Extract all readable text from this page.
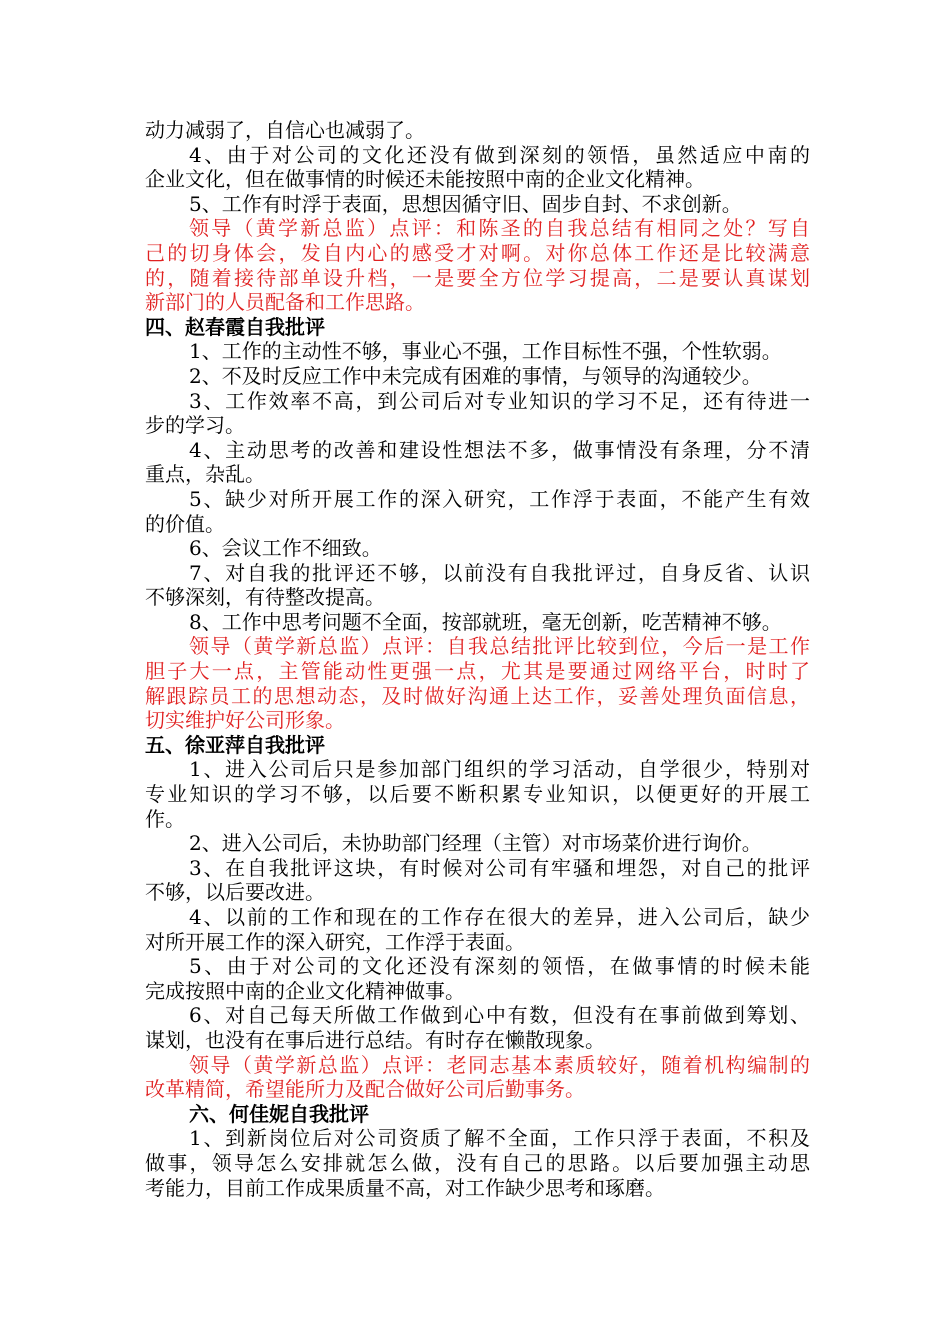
动力减弱了，自信心也减弱了。
4、由于对公司的文化还没有做到深刻的领悟，虽然适应中南的
企业文化，但在做事情的时候还未能按照中南的企业文化精神。
5、工作有时浮于表面，思想因循守旧、固步自封、不求创新。
领导（黄学新总监）点评：和陈圣的自我总结有相同之处？写自
己的切身体会，发自内心的感受才对啊。对你总体工作还是比较满意
的，随着接待部单设升档，一是要全方位学习提高，二是要认真谋划
新部门的人员配备和工作思路。
四、赵春霞自我批评
1、工作的主动性不够，事业心不强，工作目标性不强，个性软弱。
2、不及时反应工作中未完成有困难的事情，与领导的沟通较少。
3、工作效率不高，到公司后对专业知识的学习不足，还有待进一
步的学习。
4、主动思考的改善和建设性想法不多，做事情没有条理，分不清
重点，杂乱。
5、缺少对所开展工作的深入研究，工作浮于表面，不能产生有效
的价值。
6、会议工作不细致。
7、对自我的批评还不够，以前没有自我批评过，自身反省、认识
不够深刻，有待整改提高。
8、工作中思考问题不全面，按部就班，毫无创新，吃苦精神不够。
领导（黄学新总监）点评：自我总结批评比较到位，今后一是工作
胆子大一点，主管能动性更强一点，尤其是要通过网络平台，时时了
解跟踪员工的思想动态，及时做好沟通上达工作，妥善处理负面信息，
切实维护好公司形象。
五、徐亚萍自我批评
1、进入公司后只是参加部门组织的学习活动，自学很少，特别对
专业知识的学习不够，以后要不断积累专业知识，以便更好的开展工
作。
2、进入公司后，未协助部门经理（主管）对市场菜价进行询价。
3、在自我批评这块，有时候对公司有牢骚和埋怨，对自己的批评
不够，以后要改进。
4、以前的工作和现在的工作存在很大的差异，进入公司后，缺少
对所开展工作的深入研究，工作浮于表面。
5、由于对公司的文化还没有深刻的领悟，在做事情的时候未能
完成按照中南的企业文化精神做事。
6、对自己每天所做工作做到心中有数，但没有在事前做到筹划、
谋划，也没有在事后进行总结。有时存在懒散现象。
领导（黄学新总监）点评：老同志基本素质较好，随着机构编制的
改革精简，希望能所力及配合做好公司后勤事务。
六、何佳妮自我批评
1、到新岗位后对公司资质了解不全面，工作只浮于表面，不积及
做事，领导怎么安排就怎么做，没有自己的思路。以后要加强主动思
考能力，目前工作成果质量不高，对工作缺少思考和琢磨。
